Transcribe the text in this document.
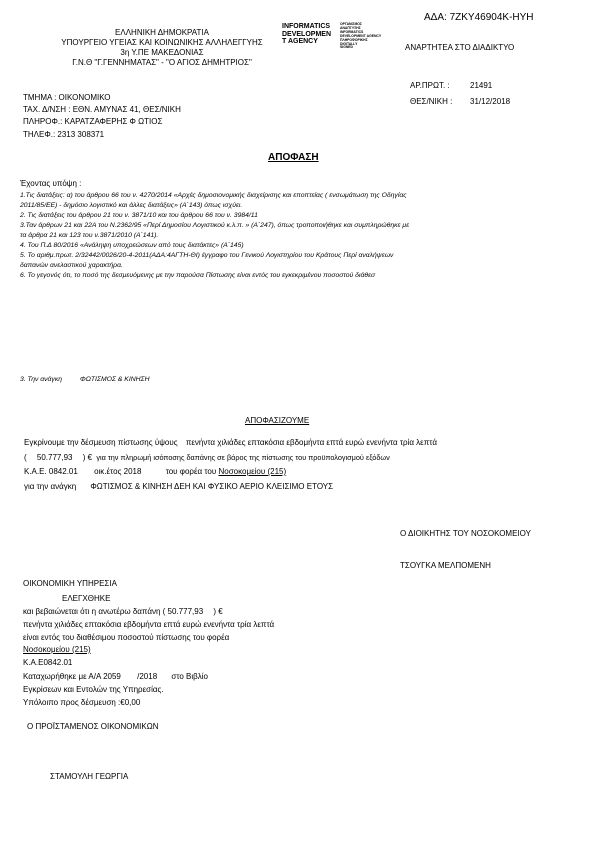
ΑΔΑ: 7ZKY46904K-ΗΥΗ
ΕΛΛΗΝΙΚΗ ΔΗΜΟΚΡΑΤΙΑ
ΥΠΟΥΡΓΕΙΟ ΥΓΕΙΑΣ ΚΑΙ ΚΟΙΝΩΝΙΚΗΣ ΑΛΛΗΛΕΓΓΥΗΣ
3η Υ.ΠΕ ΜΑΚΕΔΟΝΙΑΣ
Γ.Ν.Θ "Γ.ΓΕΝΝΗΜΑΤΑΣ" - "Ο ΑΓΙΟΣ ΔΗΜΗΤΡΙΟΣ"
INFORMATICS
DEVELOPMEN
T AGENCY
ΟΡΓΑΝΙΣΜΟΣ
ΑΝΑΠΤΥΞΗΣ
INFORMATICS
DEVELOPMENT AGENCY
ΠΛΗΡΟΦΟΡΙΚΗΣ
DIGITALLY
SIGNED	ΑΝΑΡΤΗΤΕΑ ΣΤΟ ΔΙΑΔΙΚΤΥΟ
ΑΡ.ΠΡΩΤ. :	21491
ΘΕΣ/ΝΙΚΗ : 31/12/2018
ΤΜΗΜΑ : ΟΙΚΟΝΟΜΙΚΟ
ΤΑΧ. Δ/ΝΣΗ : ΕΘΝ. ΑΜΥΝΑΣ 41, ΘΕΣ/ΝΙΚΗ
ΠΛΗΡΟΦ.: ΚΑΡΑΤΖΑΦΕΡΗΣ Φ ΩΤΙΟΣ
ΤΗΛΕΦ.: 2313 308371
ΑΠΟΦΑΣΗ
Έχοντας υπόψη :
1.Τις διατάξεις: α) του άρθρου 66 του ν. 4270/2014 «Αρχές δημοσιονομικής διαχείρισης και εποπτείας ( ενσωμάτωση της Οδηγίας
2011/85/ΕΕ) - δημόσιο λογιστικό και άλλες διατάξεις» (Α΄143) όπως ισχύει.
2. Τις διατάξεις του άρθρου 21 του ν. 3871/10 και του άρθρου 66 του ν. 3984/11
3.Ταν άρθρων 21 και 22Α του Ν.2362/95 «Περί Δημοσίου Λογιστικού κ.λ.π. » (Α΄247), όπως τροποποιήθηκε και συμπληρώθηκε με
τα άρθρα 21 και 123 του ν.3871/2010 (Α΄141).
4. Του Π.Δ 80/2016 «Ανάληψη υποχρεώσεων από τους διατάκτες» (Α΄145)
5. Το αριθμ.πρωτ. 2/32442/0026/20-4-2011(ΑΔΑ:4ΑΓΤΗ-ΘΙ) έγγραφο του Γενικού Λογιστηρίου του Κράτους Περί αναλήψεων
δαπανών ανελαστικού χαρακτήρα.
6. Το γεγονός ότι, το ποσό της δεσμευόμενης με την παρούσα Πίστωσης είναι εντός του εγκεκριμένου ποσοστού διάθεσ
3. Την ανάγκη	ΦΩΤΙΣΜΟΣ & ΚΙΝΗΣΗ
ΑΠΟΦΑΣΙΖΟΥΜΕ
Εγκρίνουμε την δέσμευση πίστωσης ύψους πενήντα χιλιάδες επτακόσια εβδομήντα επτά ευρώ ενενήντα τρία λεπτά
( 50.777,93 ) € για την πληρωμή ισόποσης δαπάνης σε βάρος της πίστωσης του προϋπολογισμού εξόδων
Κ.Α.Ε. 0842.01 οικ.έτος 2018	του φορέα του Νοσοκομείου (215)
για την ανάγκη ΦΩΤΙΣΜΟΣ & ΚΙΝΗΣΗ ΔΕΗ ΚΑΙ ΦΥΣΙΚΟ ΑΕΡΙΟ ΚΛΕΙΣΙΜΟ ΕΤΟΥΣ
Ο ΔΙΟΙΚΗΤΗΣ ΤΟΥ ΝΟΣΟΚΟΜΕΙΟΥ
ΤΣΟΥΓΚΑ ΜΕΛΠΟΜΕΝΗ
ΟΙΚΟΝΟΜΙΚΗ ΥΠΗΡΕΣΙΑ
ΕΛΕΓΧΘΗΚΕ
και βεβαιώνεται ότι η ανωτέρω δαπάνη ( 50.777,93 ) €
πενήντα χιλιάδες επτακόσια εβδομήντα επτά ευρώ ενενήντα τρία λεπτά
είναι εντός του διαθέσιμου ποσοστού πίστωσης του φορέα
Νοσοκομείου (215)
Κ.Α.Ε0842.01
Καταχωρήθηκε με Α/Α 2059 /2018 στο Βιβλίο
Εγκρίσεων και Εντολών της Υπηρεσίας.
Υπόλοιπο προς δέσμευση :€0,00
Ο ΠΡΟΪΣΤΑΜΕΝΟΣ ΟΙΚΟΝΟΜΙΚΩΝ
ΣΤΑΜΟΥΛΗ ΓΕΩΡΓΙΑ
